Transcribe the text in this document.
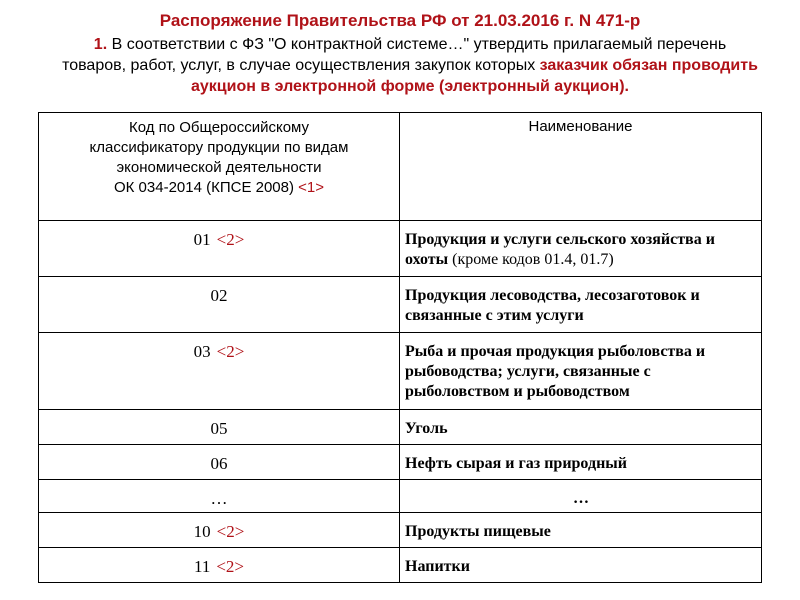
Распоряжение Правительства РФ от 21.03.2016 г. N 471-р
1. В соответствии с ФЗ "О контрактной системе…" утвердить прилагаемый перечень товаров, работ, услуг, в случае осуществления закупок которых заказчик обязан проводить аукцион в электронной форме (электронный аукцион).
Код по Общероссийскому
классификатору продукции по видам
экономической деятельности
ОК 034-2014 (КПСЕ 2008) <1>	Наименование
01 <2>	Продукция и услуги сельского хозяйства и охоты (кроме кодов 01.4, 01.7)
02	Продукция лесоводства, лесозаготовок и связанные с этим услуги
03 <2>	Рыба и прочая продукция рыболовства и рыбоводства; услуги, связанные с рыболовством и рыбоводством
05	Уголь
06	Нефть сырая и газ природный
…	…
10 <2>	Продукты пищевые
11 <2>	Напитки
